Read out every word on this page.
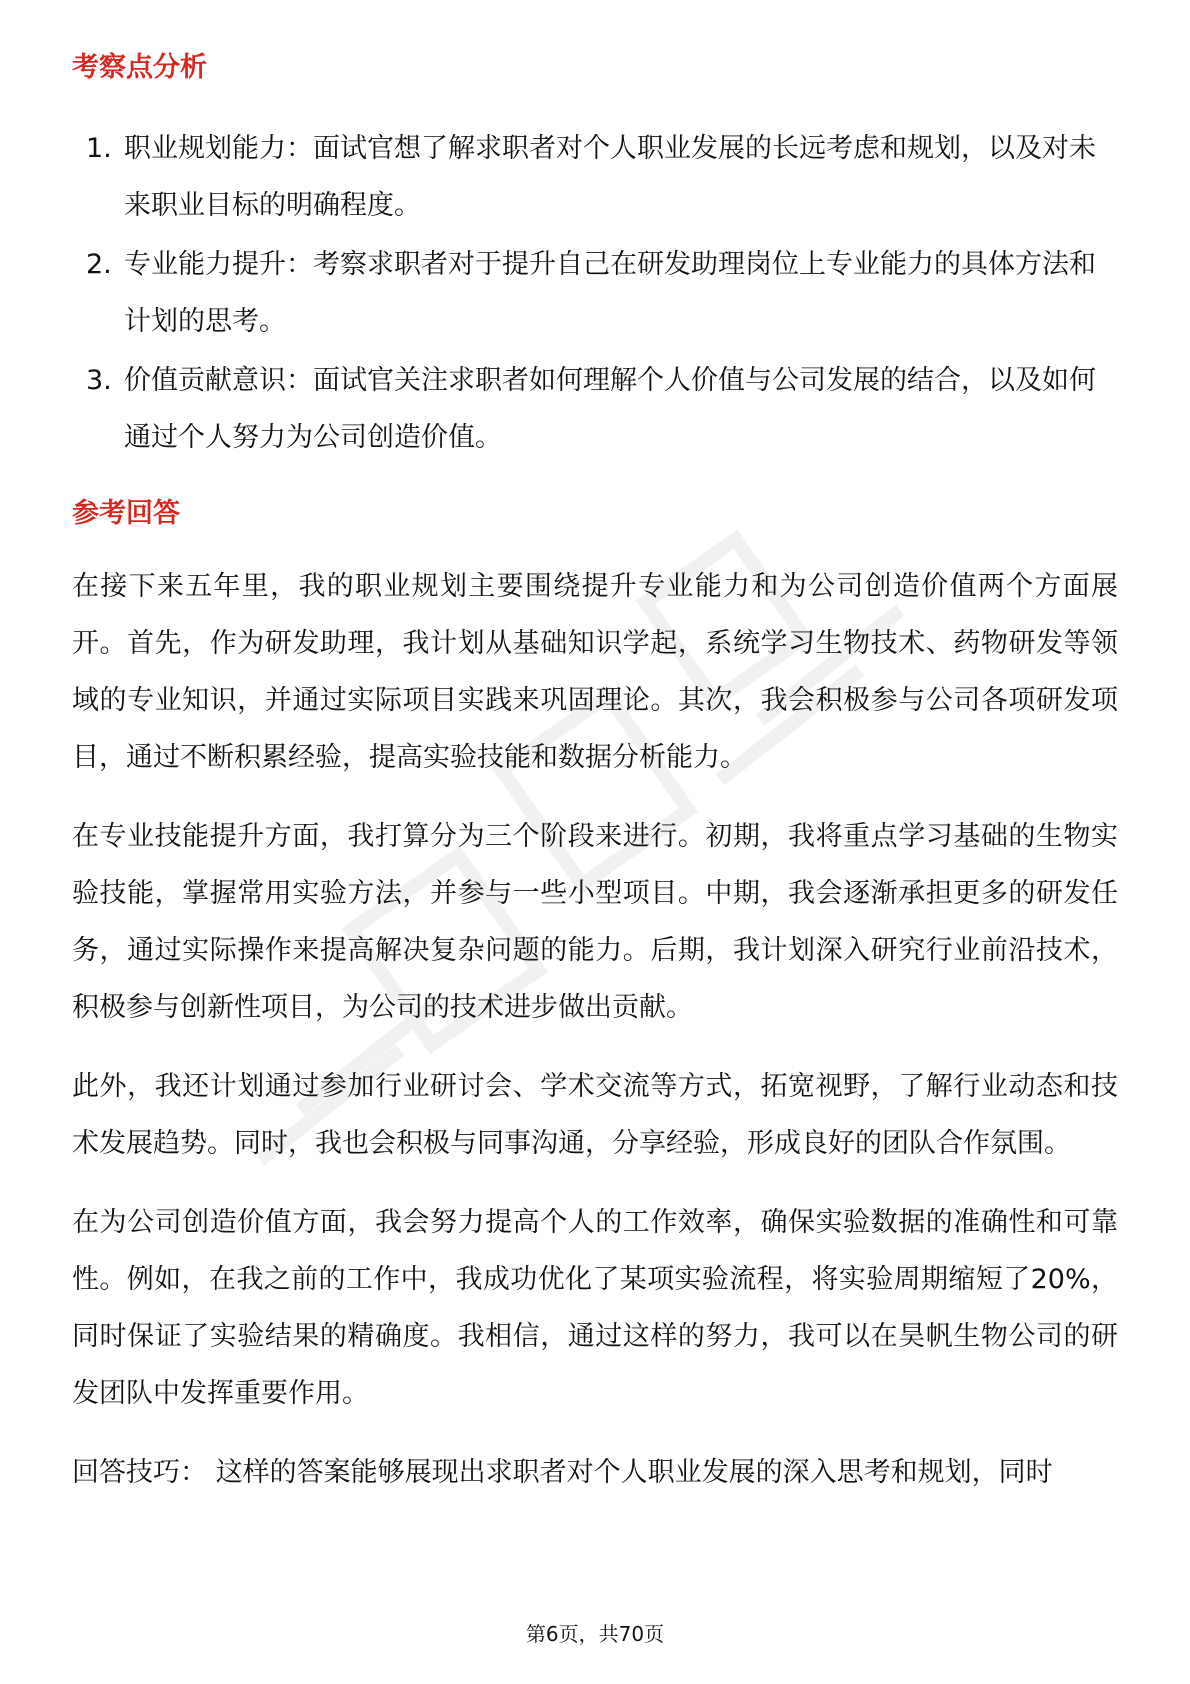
考察点分析
1. 职业规划能力：面试官想了解求职者对个人职业发展的长远考虑和规划，以及对未来职业目标的明确程度。
2. 专业能力提升：考察求职者对于提升自己在研发助理岗位上专业能力的具体方法和计划的思考。
3. 价值贡献意识：面试官关注求职者如何理解个人价值与公司发展的结合，以及如何通过个人努力为公司创造价值。
参考回答

在接下来五年里，我的职业规划主要围绕提升专业能力和为公司创造价值两个方面展开。首先，作为研发助理，我计划从基础知识学起，系统学习生物技术、药物研发等领域的专业知识，并通过实际项目实践来巩固理论。其次，我会积极参与公司各项研发项目，通过不断积累经验，提高实验技能和数据分析能力。

在专业技能提升方面，我打算分为三个阶段来进行。初期，我将重点学习基础的生物实验技能，掌握常用实验方法，并参与一些小型项目。中期，我会逐渐承担更多的研发任务，通过实际操作来提高解决复杂问题的能力。后期，我计划深入研究行业前沿技术，积极参与创新性项目，为公司的技术进步做出贡献。

此外，我还计划通过参加行业研讨会、学术交流等方式，拓宽视野，了解行业动态和技术发展趋势。同时，我也会积极与同事沟通，分享经验，形成良好的团队合作氛围。

在为公司创造价值方面，我会努力提高个人的工作效率，确保实验数据的准确性和可靠性。例如，在我之前的工作中，我成功优化了某项实验流程，将实验周期缩短了20%，同时保证了实验结果的精确度。我相信，通过这样的努力，我可以在昊帆生物公司的研发团队中发挥重要作用。

回答技巧： 这样的答案能够展现出求职者对个人职业发展的深入思考和规划，同时

第6页，共70页
